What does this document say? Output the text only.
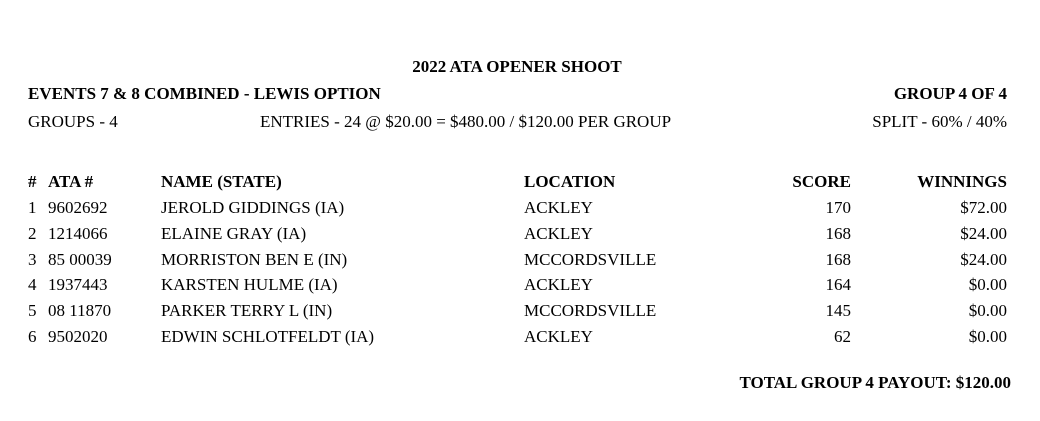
2022 ATA OPENER SHOOT
EVENTS 7 & 8 COMBINED - LEWIS OPTION	GROUP 4 OF 4
GROUPS - 4	ENTRIES - 24 @ $20.00 = $480.00 / $120.00 PER GROUP	SPLIT - 60% / 40%
# ATA #	NAME (STATE)	LOCATION	SCORE	WINNINGS
1 9602692	JEROLD GIDDINGS (IA)	ACKLEY	170	$72.00
2 1214066	ELAINE GRAY (IA)	ACKLEY	168	$24.00
3 85 00039	MORRISTON BEN E (IN)	MCCORDSVILLE	168	$24.00
4 1937443	KARSTEN HULME (IA)	ACKLEY	164	$0.00
5 08 11870	PARKER TERRY L (IN)	MCCORDSVILLE	145	$0.00
6 9502020	EDWIN SCHLOTFELDT (IA)	ACKLEY	62	$0.00
TOTAL GROUP 4 PAYOUT: $120.00
